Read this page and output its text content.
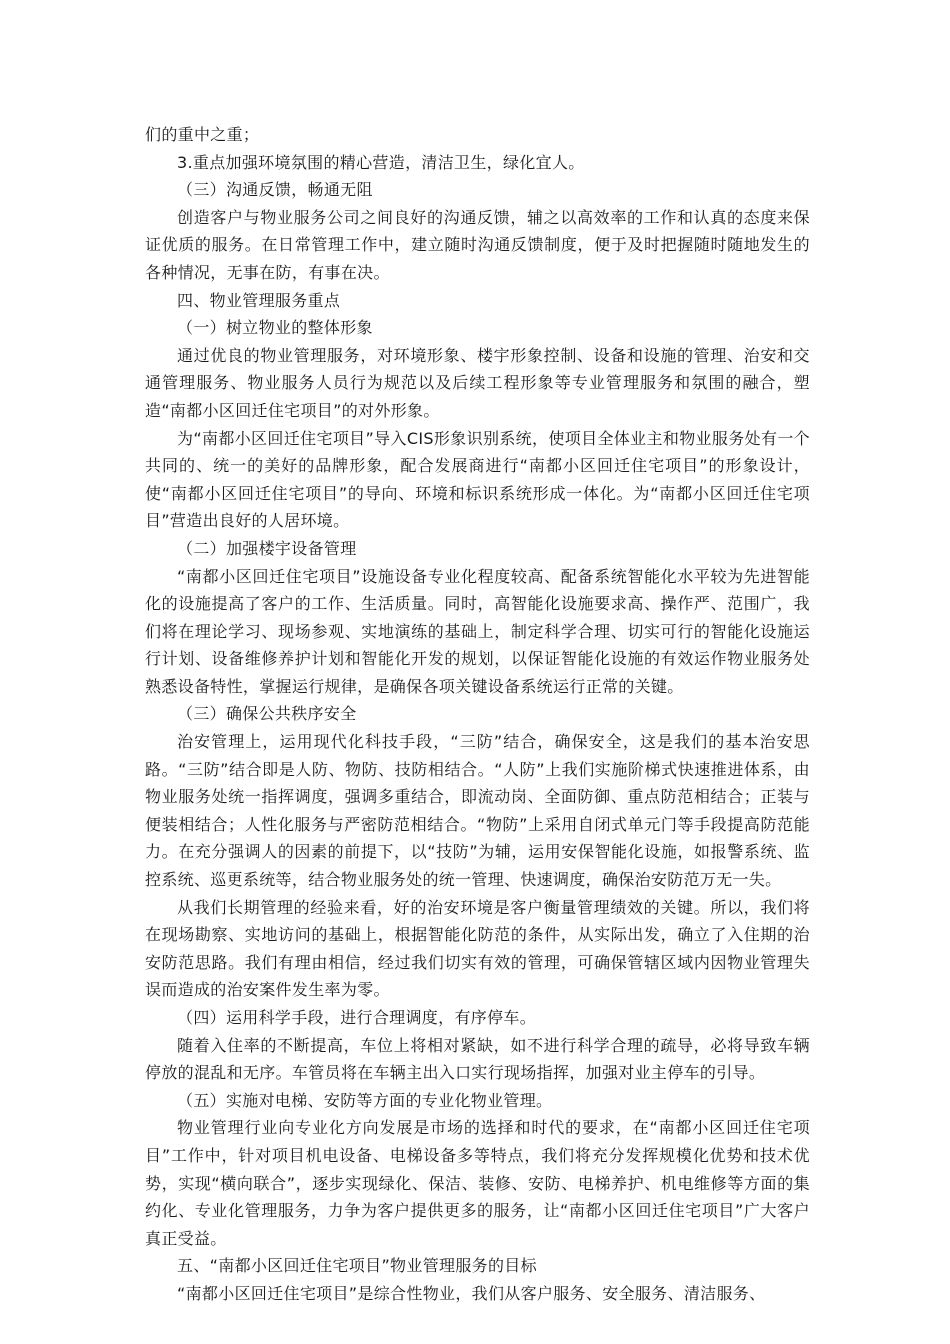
们的重中之重；

3.重点加强环境氛围的精心营造，清洁卫生，绿化宜人。

（三）沟通反馈，畅通无阻

创造客户与物业服务公司之间良好的沟通反馈，辅之以高效率的工作和认真的态度来保证优质的服务。在日常管理工作中，建立随时沟通反馈制度，便于及时把握随时随地发生的各种情况，无事在防，有事在决。

四、物业管理服务重点

（一）树立物业的整体形象

通过优良的物业管理服务，对环境形象、楼宇形象控制、设备和设施的管理、治安和交通管理服务、物业服务人员行为规范以及后续工程形象等专业管理服务和氛围的融合，塑造“南都小区回迁住宅项目”的对外形象。

为“南都小区回迁住宅项目”导入CIS形象识别系统，使项目全体业主和物业服务处有一个共同的、统一的美好的品牌形象，配合发展商进行“南都小区回迁住宅项目”的形象设计，使“南都小区回迁住宅项目”的导向、环境和标识系统形成一体化。为“南都小区回迁住宅项目”营造出良好的人居环境。

（二）加强楼宇设备管理

“南都小区回迁住宅项目”设施设备专业化程度较高、配备系统智能化水平较为先进智能化的设施提高了客户的工作、生活质量。同时，高智能化设施要求高、操作严、范围广，我们将在理论学习、现场参观、实地演练的基础上，制定科学合理、切实可行的智能化设施运行计划、设备维修养护计划和智能化开发的规划，以保证智能化设施的有效运作物业服务处熟悉设备特性，掌握运行规律，是确保各项关键设备系统运行正常的关键。

（三）确保公共秩序安全

治安管理上，运用现代化科技手段，“三防”结合，确保安全，这是我们的基本治安思路。“三防”结合即是人防、物防、技防相结合。“人防”上我们实施阶梯式快速推进体系，由物业服务处统一指挥调度，强调多重结合，即流动岗、全面防御、重点防范相结合；正装与便装相结合；人性化服务与严密防范相结合。“物防”上采用自闭式单元门等手段提高防范能力。在充分强调人的因素的前提下，以“技防”为辅，运用安保智能化设施，如报警系统、监控系统、巡更系统等，结合物业服务处的统一管理、快速调度，确保治安防范万无一失。

从我们长期管理的经验来看，好的治安环境是客户衡量管理绩效的关键。所以，我们将在现场勘察、实地访问的基础上，根据智能化防范的条件，从实际出发，确立了入住期的治安防范思路。我们有理由相信，经过我们切实有效的管理，可确保管辖区域内因物业管理失误而造成的治安案件发生率为零。

（四）运用科学手段，进行合理调度，有序停车。

随着入住率的不断提高，车位上将相对紧缺，如不进行科学合理的疏导，必将导致车辆停放的混乱和无序。车管员将在车辆主出入口实行现场指挥，加强对业主停车的引导。

（五）实施对电梯、安防等方面的专业化物业管理。

物业管理行业向专业化方向发展是市场的选择和时代的要求，在“南都小区回迁住宅项目”工作中，针对项目机电设备、电梯设备多等特点，我们将充分发挥规模化优势和技术优势，实现“横向联合”，逐步实现绿化、保洁、装修、安防、电梯养护、机电维修等方面的集约化、专业化管理服务，力争为客户提供更多的服务，让“南都小区回迁住宅项目”广大客户真正受益。

五、“南都小区回迁住宅项目”物业管理服务的目标

“南都小区回迁住宅项目”是综合性物业，我们从客户服务、安全服务、清洁服务、
